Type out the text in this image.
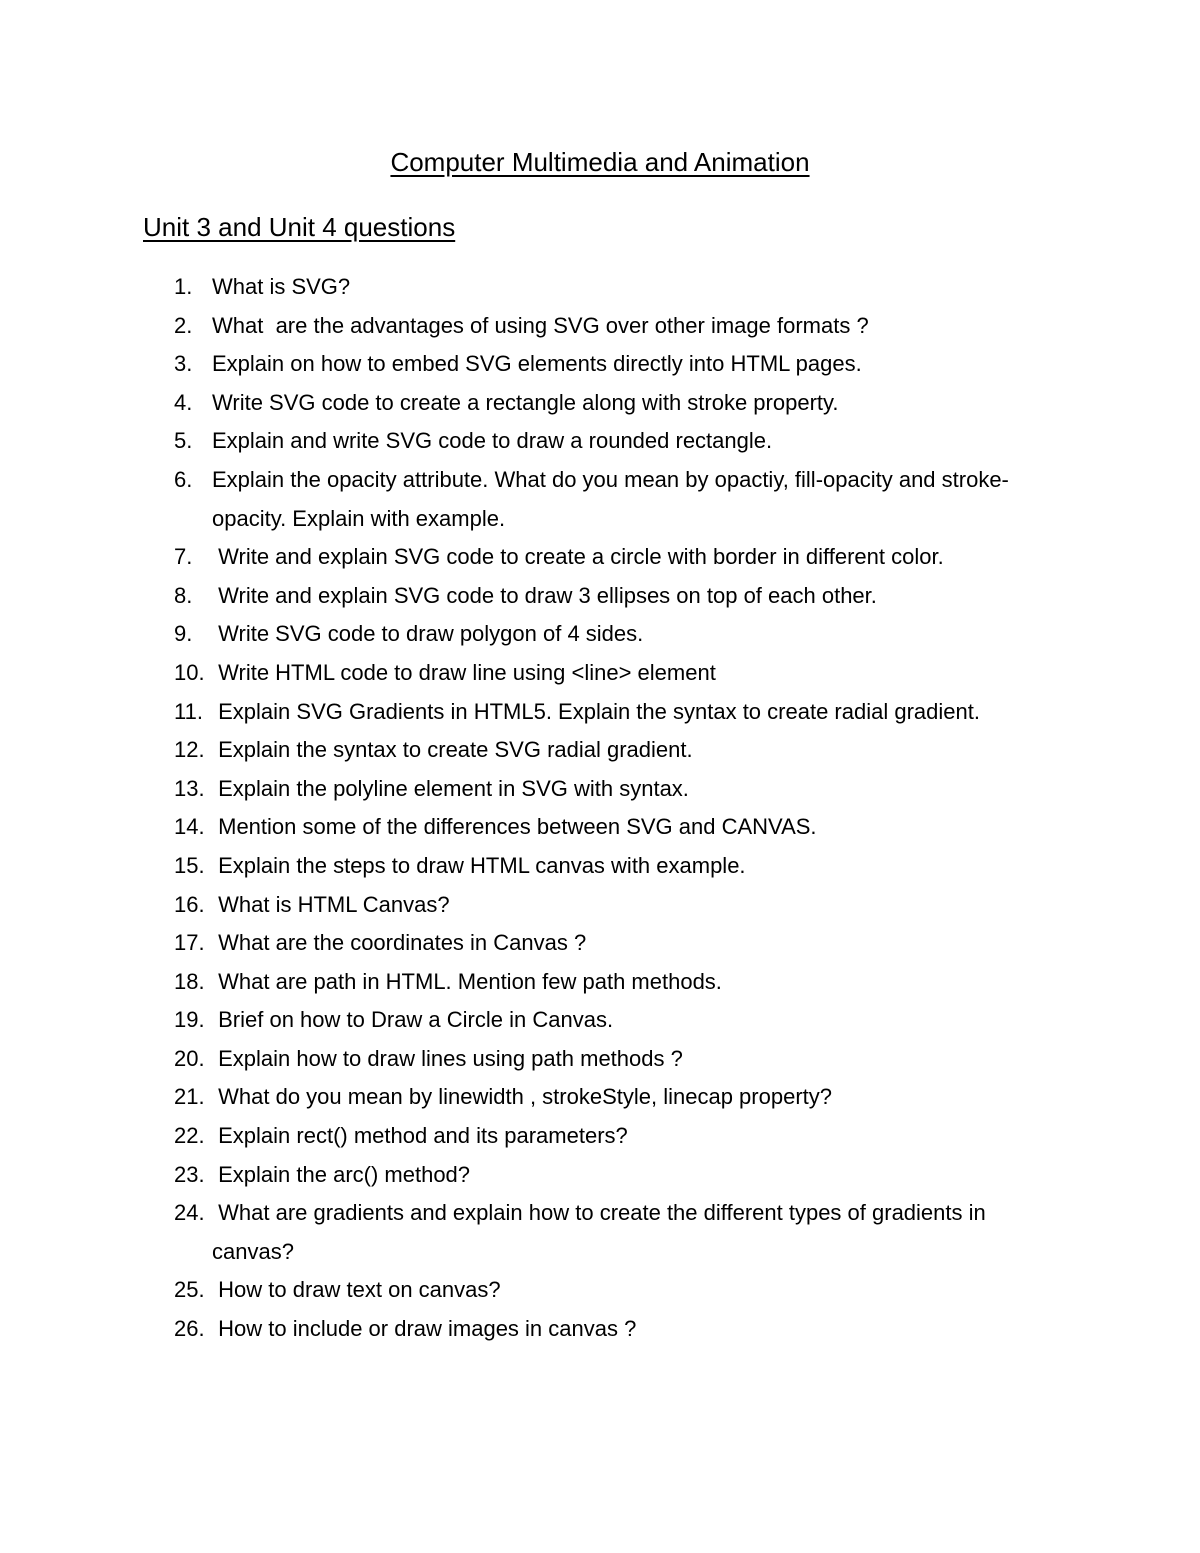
Computer Multimedia and Animation
Unit 3 and Unit 4 questions
1. What is SVG?
2. What  are the advantages of using SVG over other image formats ?
3. Explain on how to embed SVG elements directly into HTML pages.
4. Write SVG code to create a rectangle along with stroke property.
5. Explain and write SVG code to draw a rounded rectangle.
6. Explain the opacity attribute. What do you mean by opactiy, fill-opacity and stroke-opacity. Explain with example.
7. Write and explain SVG code to create a circle with border in different color.
8. Write and explain SVG code to draw 3 ellipses on top of each other.
9. Write SVG code to draw polygon of 4 sides.
10. Write HTML code to draw line using <line> element
11. Explain SVG Gradients in HTML5. Explain the syntax to create radial gradient.
12. Explain the syntax to create SVG radial gradient.
13. Explain the polyline element in SVG with syntax.
14. Mention some of the differences between SVG and CANVAS.
15. Explain the steps to draw HTML canvas with example.
16. What is HTML Canvas?
17. What are the coordinates in Canvas ?
18. What are path in HTML. Mention few path methods.
19. Brief on how to Draw a Circle in Canvas.
20. Explain how to draw lines using path methods ?
21. What do you mean by linewidth , strokeStyle, linecap property?
22. Explain rect() method and its parameters?
23. Explain the arc() method?
24. What are gradients and explain how to create the different types of gradients in canvas?
25. How to draw text on canvas?
26. How to include or draw images in canvas ?
